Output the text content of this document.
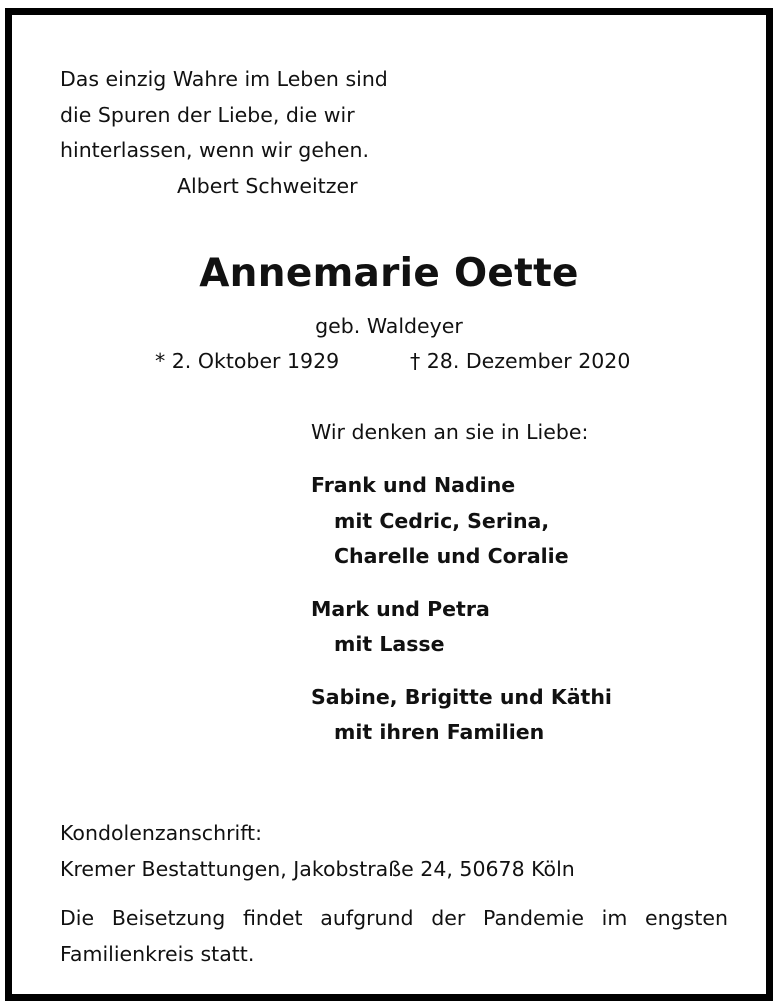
Das einzig Wahre im Leben sind
die Spuren der Liebe, die wir
hinterlassen, wenn wir gehen.
Albert Schweitzer
Annemarie Oette
geb. Waldeyer
* 2. Oktober 1929	† 28. Dezember 2020
Wir denken an sie in Liebe:
Frank und Nadine
mit Cedric, Serina,
Charelle und Coralie
Mark und Petra
mit Lasse
Sabine, Brigitte und Käthi
mit ihren Familien
Kondolenzanschrift:
Kremer Bestattungen, Jakobstraße 24, 50678 Köln
Die Beisetzung findet aufgrund der Pandemie im engsten Familienkreis statt.
